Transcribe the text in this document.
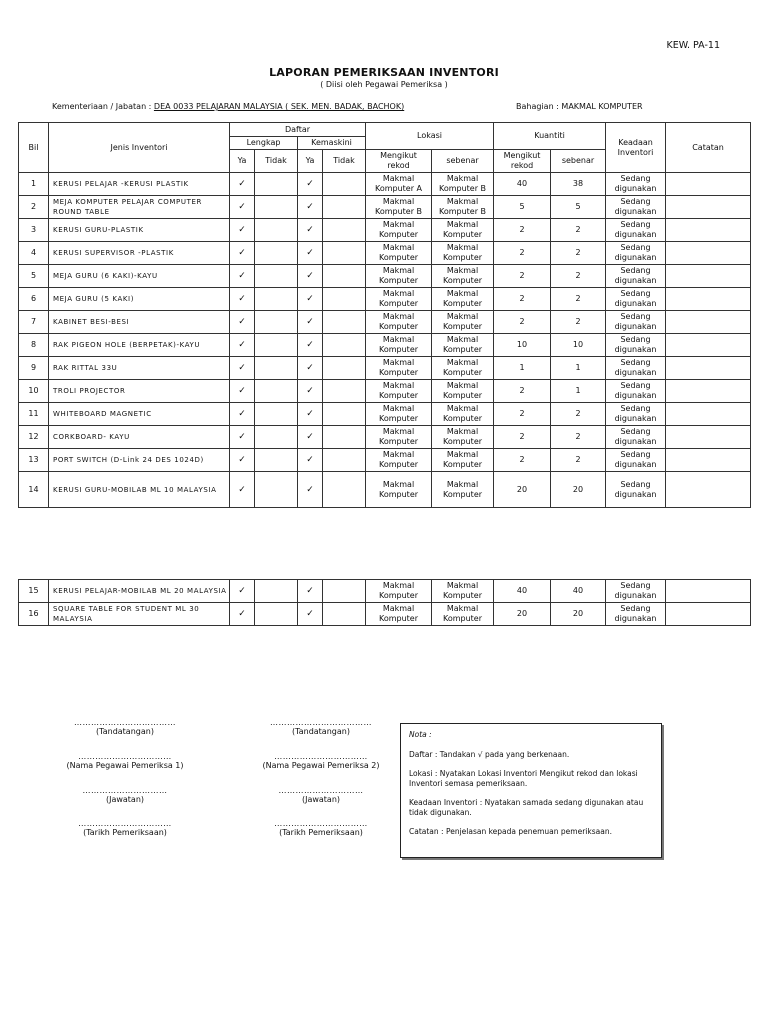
KEW. PA-11
LAPORAN PEMERIKSAAN INVENTORI
( Diisi oleh Pegawai Pemeriksa )
Kementeriaan / Jabatan : DEA 0033 PELAJARAN MALAYSIA ( SEK. MEN. BADAK, BACHOK)	Bahagian : MAKMAL KOMPUTER
Bil	Jenis Inventori	Daftar				Lokasi		Kuantiti		Keadaan Inventori	Catatan
		Lengkap		Kemaskini							
		Ya	Tidak	Ya	Tidak	Mengikut rekod	sebenar	Mengikut rekod	sebenar		
1	KERUSI PELAJAR -KERUSI PLASTIK	✓		✓		Makmal Komputer A	Makmal Komputer B	40	38	Sedang digunakan	
2	MEJA KOMPUTER PELAJAR COMPUTER ROUND TABLE	✓		✓		Makmal Komputer B	Makmal Komputer B	5	5	Sedang digunakan	
3	KERUSI GURU-PLASTIK	✓		✓		Makmal Komputer	Makmal Komputer	2	2	Sedang digunakan	
4	KERUSI SUPERVISOR -PLASTIK	✓		✓		Makmal Komputer	Makmal Komputer	2	2	Sedang digunakan	
5	MEJA GURU (6 KAKI)-KAYU	✓		✓		Makmal Komputer	Makmal Komputer	2	2	Sedang digunakan	
6	MEJA GURU (5 KAKI)	✓		✓		Makmal Komputer	Makmal Komputer	2	2	Sedang digunakan	
7	KABINET BESI-BESI	✓		✓		Makmal Komputer	Makmal Komputer	2	2	Sedang digunakan	
8	RAK PIGEON HOLE (BERPETAK)-KAYU	✓		✓		Makmal Komputer	Makmal Komputer	10	10	Sedang digunakan	
9	RAK RITTAL 33U	✓		✓		Makmal Komputer	Makmal Komputer	1	1	Sedang digunakan	
10	TROLI PROJECTOR	✓		✓		Makmal Komputer	Makmal Komputer	2	1	Sedang digunakan	
11	WHITEBOARD MAGNETIC	✓		✓		Makmal Komputer	Makmal Komputer	2	2	Sedang digunakan	
12	CORKBOARD- KAYU	✓		✓		Makmal Komputer	Makmal Komputer	2	2	Sedang digunakan	
13	PORT SWITCH (D-Link 24 DES 1024D)	✓		✓		Makmal Komputer	Makmal Komputer	2	2	Sedang digunakan	
14	KERUSI GURU-MOBILAB ML 10 MALAYSIA	✓		✓		Makmal Komputer	Makmal Komputer	20	20	Sedang digunakan	
15	KERUSI PELAJAR-MOBILAB ML 20 MALAYSIA	✓		✓		Makmal Komputer	Makmal Komputer	40	40	Sedang digunakan	
16	SQUARE TABLE FOR STUDENT ML 30 MALAYSIA	✓		✓		Makmal Komputer	Makmal Komputer	20	20	Sedang digunakan	
………………………………
(Tandatangan)
………………………………
(Tandatangan)
……………………………
(Nama Pegawai Pemeriksa 1)
……………………………
(Nama Pegawai Pemeriksa 2)
…………………………
(Jawatan)
…………………………
(Jawatan)
……………………………
(Tarikh Pemeriksaan)
……………………………
(Tarikh Pemeriksaan)

Nota :

Daftar : Tandakan √ pada yang berkenaan.

Lokasi : Nyatakan Lokasi Inventori Mengikut rekod dan lokasi Inventori semasa pemeriksaan.

Keadaan Inventori : Nyatakan samada sedang digunakan atau tidak digunakan.

Catatan : Penjelasan kepada penemuan pemeriksaan.
